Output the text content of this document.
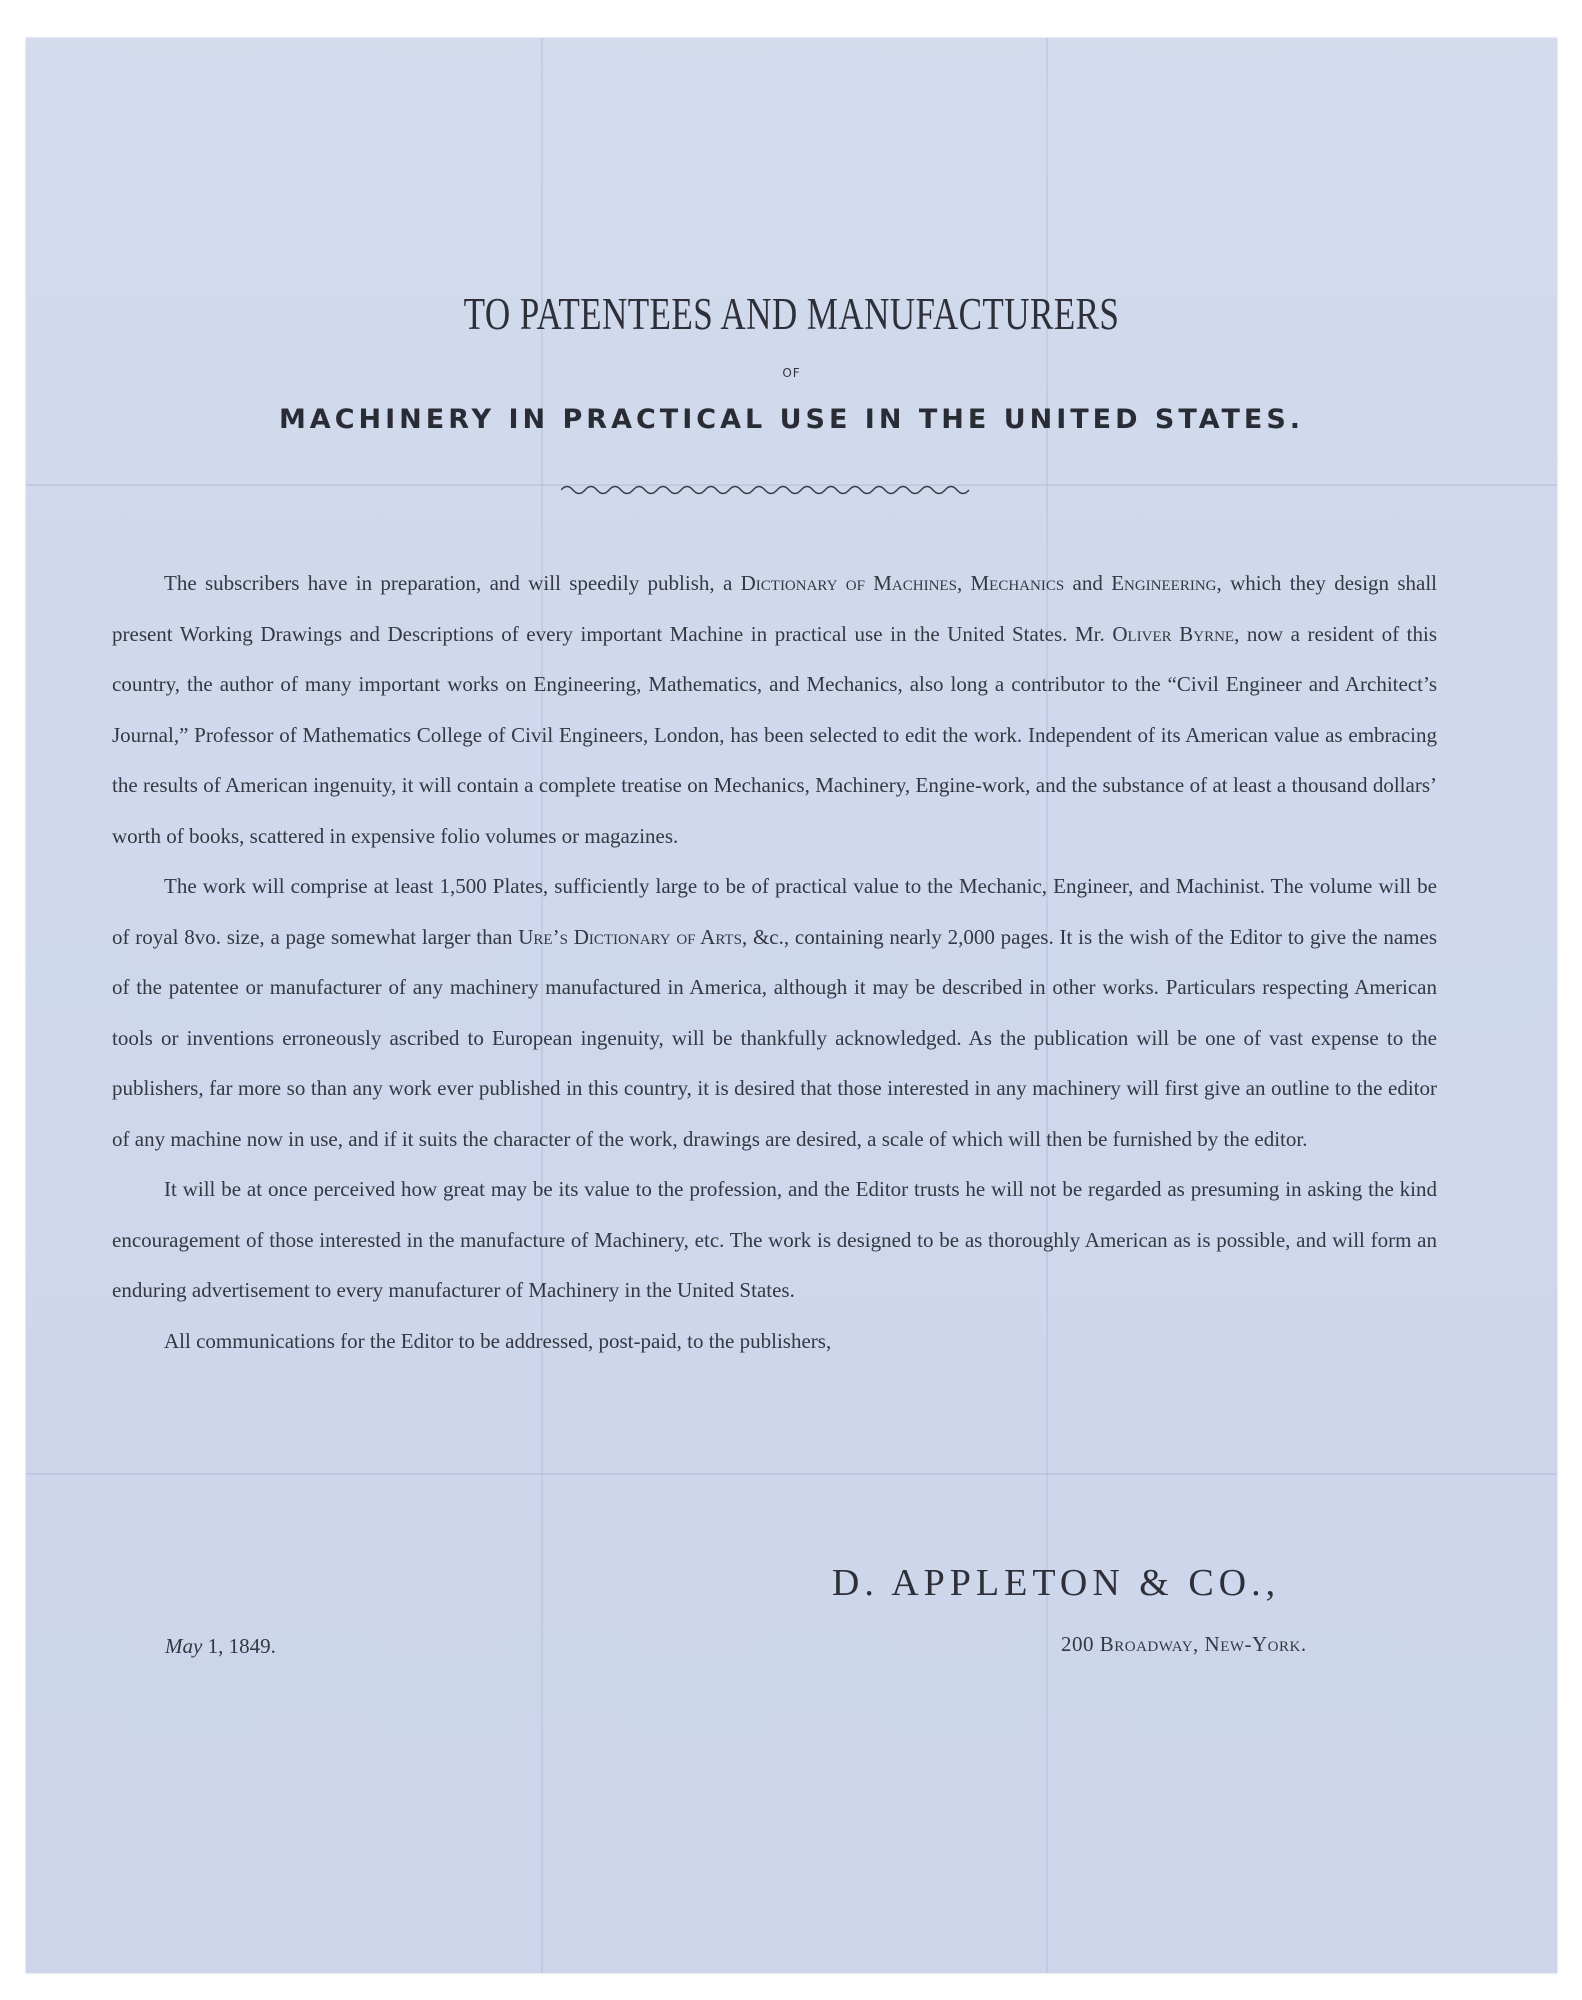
TO PATENTEES AND MANUFACTURERS
OF
MACHINERY IN PRACTICAL USE IN THE UNITED STATES.

The subscribers have in preparation, and will speedily publish, a Dictionary of Machines, Mechanics and Engineering, which they design shall present Working Drawings and Descriptions of every important Machine in practical use in the United States. Mr. Oliver Byrne, now a resident of this country, the author of many important works on Engineering, Mathematics, and Mechanics, also long a contributor to the “Civil Engineer and Architect’s Journal,” Professor of Mathematics College of Civil Engineers, London, has been selected to edit the work. Independent of its American value as embracing the results of American ingenuity, it will contain a complete treatise on Mechanics, Machinery, Engine-work, and the substance of at least a thousand dollars’ worth of books, scattered in expensive folio volumes or magazines.

The work will comprise at least 1,500 Plates, sufficiently large to be of practical value to the Mechanic, Engineer, and Machinist. The volume will be of royal 8vo. size, a page somewhat larger than Ure’s Dictionary of Arts, &c., containing nearly 2,000 pages. It is the wish of the Editor to give the names of the patentee or manufacturer of any machinery manufactured in America, although it may be described in other works. Particulars respecting American tools or inventions erroneously ascribed to European ingenuity, will be thankfully acknowledged. As the publication will be one of vast expense to the publishers, far more so than any work ever published in this country, it is desired that those interested in any machinery will first give an outline to the editor of any machine now in use, and if it suits the character of the work, drawings are desired, a scale of which will then be furnished by the editor.

It will be at once perceived how great may be its value to the profession, and the Editor trusts he will not be regarded as presuming in asking the kind encouragement of those interested in the manufacture of Machinery, etc. The work is designed to be as thoroughly American as is possible, and will form an enduring advertisement to every manufacturer of Machinery in the United States.

All communications for the Editor to be addressed, post-paid, to the publishers,

D. APPLETON & CO.,
May 1, 1849.	200 Broadway, New-York.
